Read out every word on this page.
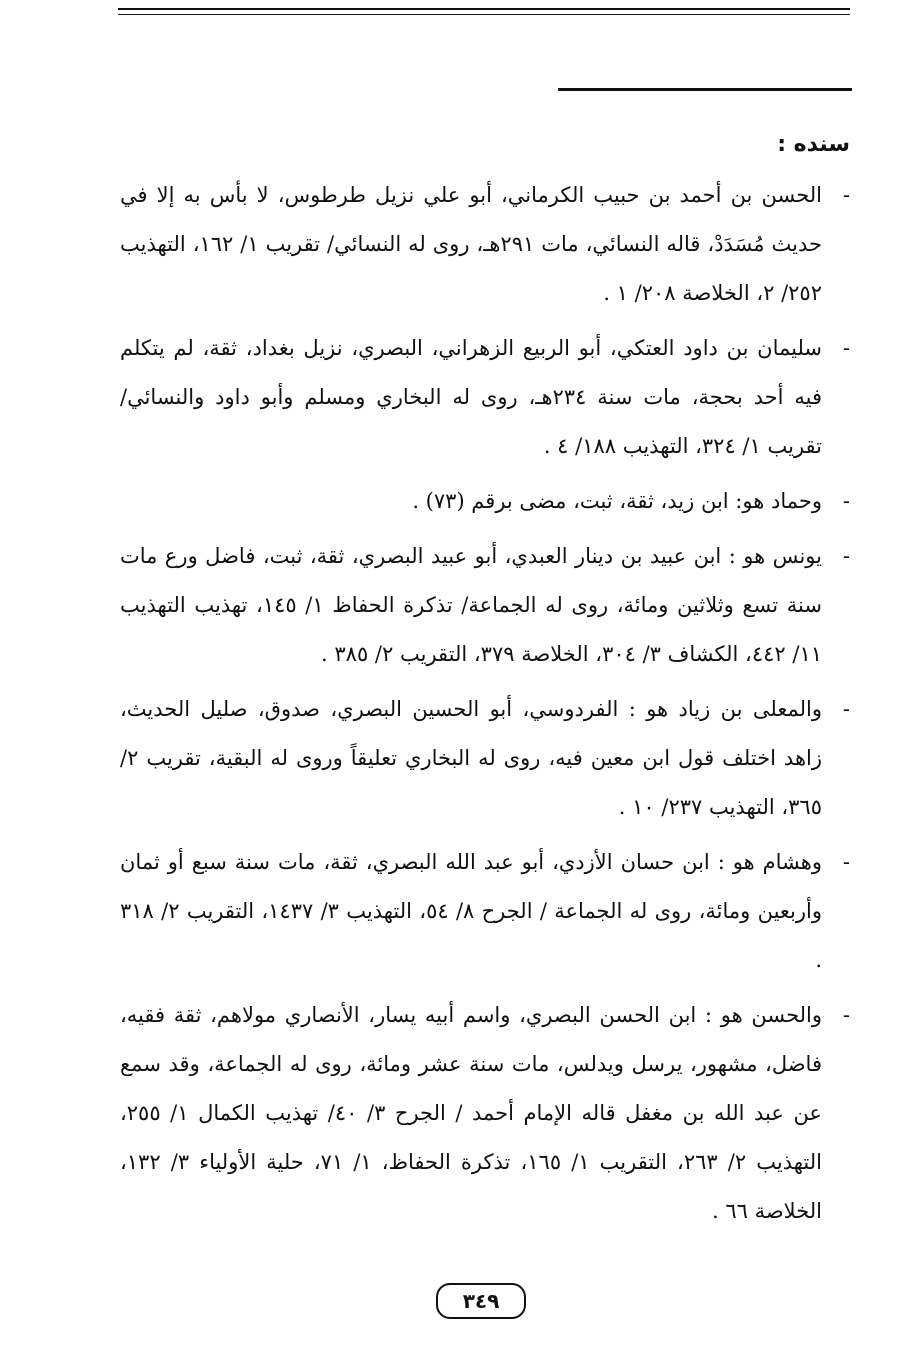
سنده :
-
الحسن بن أحمد بن حبيب الكرماني، أبو علي نزيل طرطوس، لا بأس به إلا في حديث مُسَدَدْ، قاله النسائي، مات ٢٩١هـ، روى له النسائي/ تقريب ١/ ١٦٢، التهذيب ٢٥٢/ ٢، الخلاصة ٢٠٨/ ١ .
-
سليمان بن داود العتكي، أبو الربيع الزهراني، البصري، نزيل بغداد، ثقة، لم يتكلم فيه أحد بحجة، مات سنة ٢٣٤هـ، روى له البخاري ومسلم وأبو داود والنسائي/ تقريب ١/ ٣٢٤، التهذيب ١٨٨/ ٤ .
-
وحماد هو: ابن زيد، ثقة، ثبت، مضى برقم (٧٣) .
-
يونس هو : ابن عبيد بن دينار العبدي، أبو عبيد البصري، ثقة، ثبت، فاضل ورع مات سنة تسع وثلاثين ومائة، روى له الجماعة/ تذكرة الحفاظ ١/ ١٤٥، تهذيب التهذيب ١١/ ٤٤٢، الكشاف ٣/ ٣٠٤، الخلاصة ٣٧٩، التقريب ٢/ ٣٨٥ .
-
والمعلى بن زياد هو : الفردوسي، أبو الحسين البصري، صدوق، صليل الحديث، زاهد اختلف قول ابن معين فيه، روى له البخاري تعليقاً وروى له البقية، تقريب ٢/ ٣٦٥، التهذيب ٢٣٧/ ١٠ .
-
وهشام هو : ابن حسان الأزدي، أبو عبد الله البصري، ثقة، مات سنة سبع أو ثمان وأربعين ومائة، روى له الجماعة / الجرح ٨/ ٥٤، التهذيب ٣/ ١٤٣٧، التقريب ٢/ ٣١٨ .
-
والحسن هو : ابن الحسن البصري، واسم أبيه يسار، الأنصاري مولاهم، ثقة فقيه، فاضل، مشهور، يرسل ويدلس، مات سنة عشر ومائة، روى له الجماعة، وقد سمع عن عبد الله بن مغفل قاله الإمام أحمد / الجرح ٣/ ٤٠/ تهذيب الكمال ١/ ٢٥٥، التهذيب ٢/ ٢٦٣، التقريب ١/ ١٦٥، تذكرة الحفاظ، ١/ ٧١، حلية الأولياء ٣/ ١٣٢، الخلاصة ٦٦ .
٣٤٩
